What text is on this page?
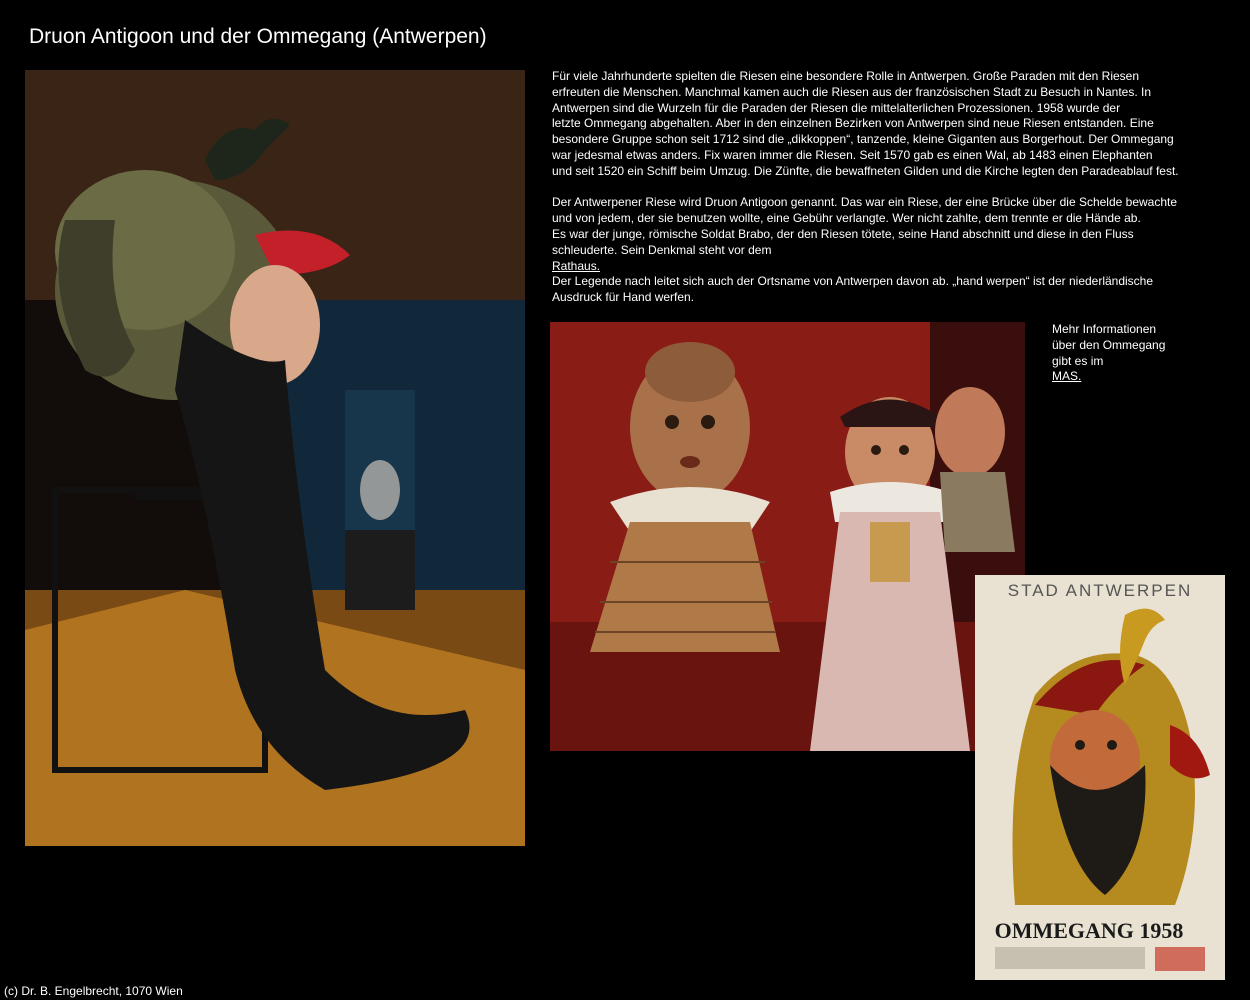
Druon Antigoon und der Ommegang (Antwerpen)

Für viele Jahrhunderte spielten die Riesen eine besondere Rolle in Antwerpen. Große Paraden mit den Riesen
erfreuten die Menschen. Manchmal kamen auch die Riesen aus der französischen Stadt zu Besuch in Nantes. In
Antwerpen sind die Wurzeln für die Paraden der Riesen die mittelalterlichen Prozessionen. 1958 wurde der
letzte Ommegang abgehalten. Aber in den einzelnen Bezirken von Antwerpen sind neue Riesen entstanden. Eine
besondere Gruppe schon seit 1712 sind die „dikkoppen“, tanzende, kleine Giganten aus Borgerhout. Der Ommegang
war jedesmal etwas anders. Fix waren immer die Riesen. Seit 1570 gab es einen Wal, ab 1483 einen Elephanten
und seit 1520 ein Schiff beim Umzug. Die Zünfte, die bewaffneten Gilden und die Kirche legten den Paradeablauf fest.

Der Antwerpener Riese wird Druon Antigoon genannt. Das war ein Riese, der eine Brücke über die Schelde bewachte
und von jedem, der sie benutzen wollte, eine Gebühr verlangte. Wer nicht zahlte, dem trennte er die Hände ab.
Es war der junge, römische Soldat Brabo, der den Riesen tötete, seine Hand abschnitt und diese in den Fluss
schleuderte. Sein Denkmal steht vor dem
Rathaus.
Der Legende nach leitet sich auch der Ortsname von Antwerpen davon ab. „hand werpen“ ist der niederländische
Ausdruck für Hand werfen.

Mehr Informationen
über den Ommegang
gibt es im
MAS.

STAD ANTWERPEN
OMMEGANG 1958
(c) Dr. B. Engelbrecht, 1070 Wien
